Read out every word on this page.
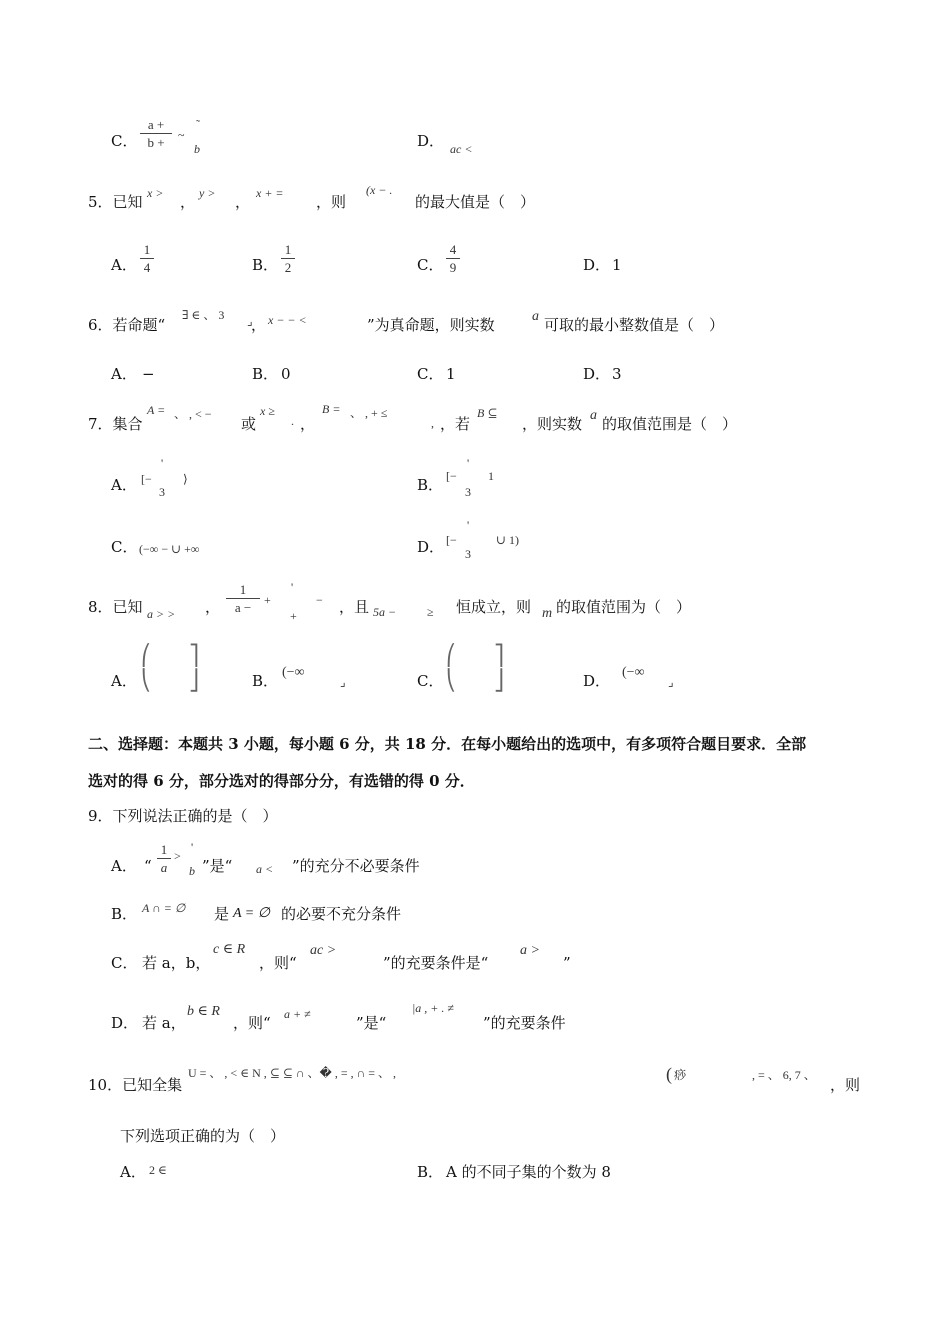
C．
a +
b +	~
˜
b	D． ac <
5．已知 x > ， y > ， x + = ，则
(x − .
的最大值是（　）
A．
1
4	B．
1
2	C．
4
9	D． 1
6．若命题“
∃ ∈ 、 3 ⌟
， x − − <	”为真命题，则实数	a 可取的最小整数值是（　）
A． −	B． 0	C． 1	D． 3
7．集合
A = 、 , < −
或
x ≥
. ，
B = 、 , + ≤
, ，若
B ⊆
，则实数 a 的取值范围是（　）
A． [−
'
3
⟩	B． [−
'
3
1
C． (−∞ − ∪ +∞	D． [−
'
3
∪ 1)
8．已知 a > > ，
1
a −	+
'
+
− ，且 5a −	≥ 恒成立，则 m 的取值范围为（　）
A．
⎛
⎝
⎤
⎦	B． (−∞
⌟	C．
⎛
⎝
⎤
⎦	D． (−∞
⌟
二、选择题：本题共 3 小题，每小题 6 分，共 18 分．在每小题给出的选项中，有多项符合题目要求．全部
选对的得 6 分，部分选对的得部分分，有选错的得 0 分．
9．下列说法正确的是（　）
A． “
1
a
>
'
b ”是“ a < ”的充分不必要条件
B． A ∩ = ∅ 是 A = ∅ 的必要不充分条件
C． 若 a，b，
c ∈ R
，则“
ac >
”的充要条件是“
a >
”
D． 若 a，
b ∈ R
，则“ a + ≠	”是“
|a , + . ≠
”的充要条件
10．已知全集
U = 、 , < ∈ N , ⊆ ⊆ ∩ 、� , = , ∩ = 、 ,	( 痧	, = 、 6, 7 、
，则
下列选项正确的为（　）
A． 2 ∈	B． A 的不同子集的个数为 8
